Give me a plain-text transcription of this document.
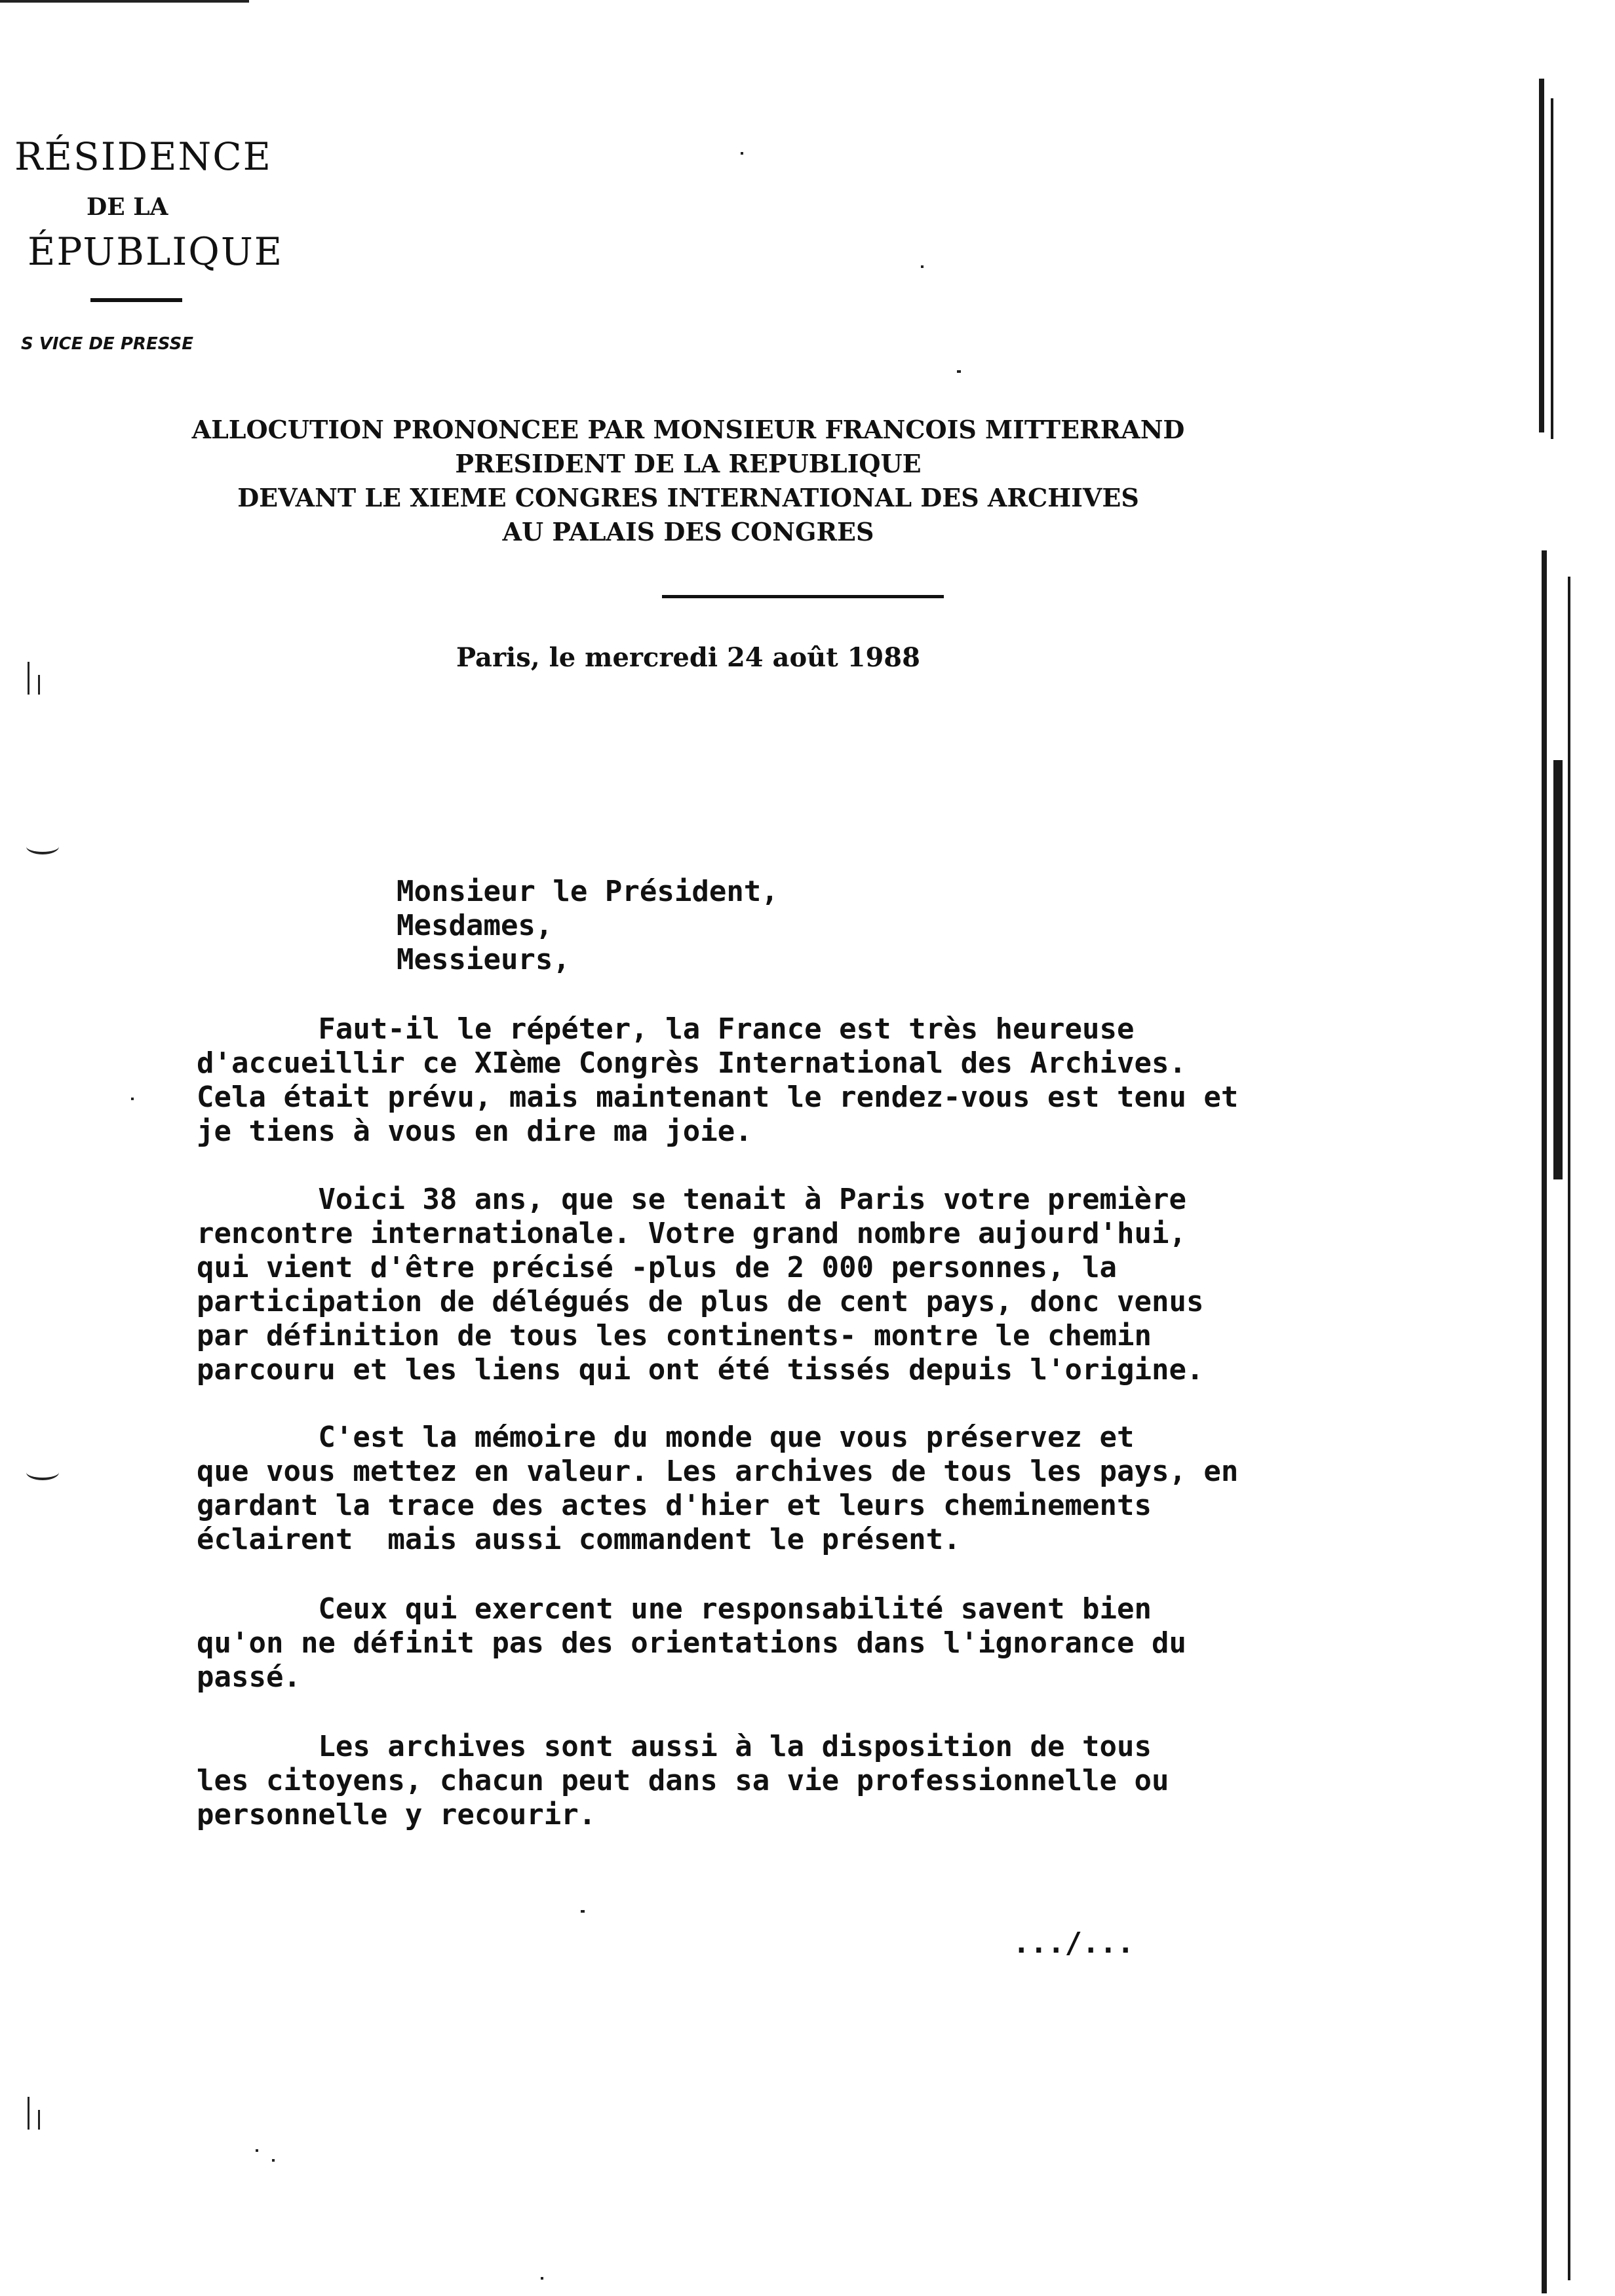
RÉSIDENCE
DE LA
ÉPUBLIQUE
S VICE DE PRESSE
ALLOCUTION PRONONCEE PAR MONSIEUR FRANCOIS MITTERRAND
PRESIDENT DE LA REPUBLIQUE
DEVANT LE XIEME CONGRES INTERNATIONAL DES ARCHIVES
AU PALAIS DES CONGRES
Paris, le mercredi 24 août 1988
Monsieur le Président,
Mesdames,
Messieurs,
Faut-il le répéter, la France est très heureuse
d'accueillir ce XIème Congrès International des Archives.
Cela était prévu, mais maintenant le rendez-vous est tenu et
je tiens à vous en dire ma joie.
Voici 38 ans, que se tenait à Paris votre première
rencontre internationale. Votre grand nombre aujourd'hui,
qui vient d'être précisé -plus de 2 000 personnes, la
participation de délégués de plus de cent pays, donc venus
par définition de tous les continents- montre le chemin
parcouru et les liens qui ont été tissés depuis l'origine.
C'est la mémoire du monde que vous préservez et
que vous mettez en valeur. Les archives de tous les pays, en
gardant la trace des actes d'hier et leurs cheminements
éclairent  mais aussi commandent le présent.
Ceux qui exercent une responsabilité savent bien
qu'on ne définit pas des orientations dans l'ignorance du
passé.
Les archives sont aussi à la disposition de tous
les citoyens, chacun peut dans sa vie professionnelle ou
personnelle y recourir.
.../...
